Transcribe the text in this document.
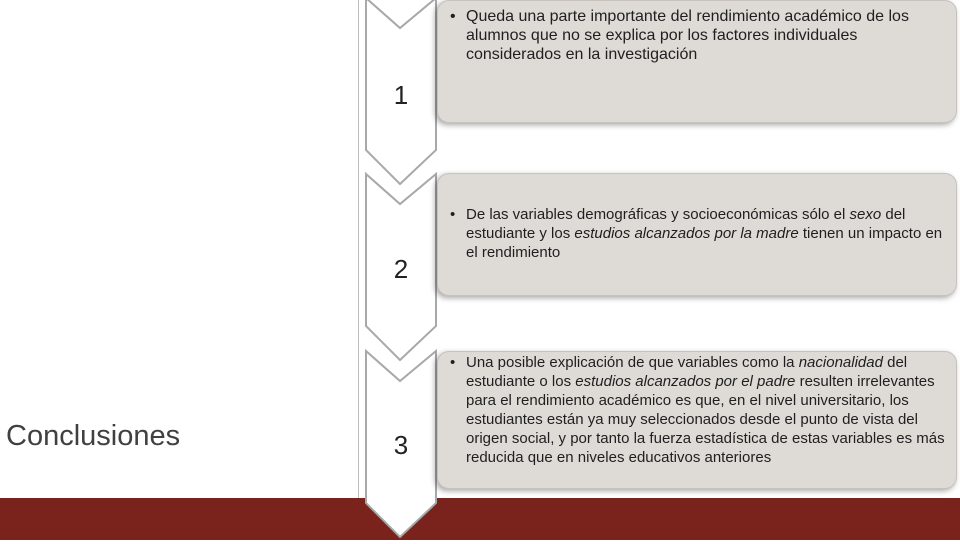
Conclusiones
1
• Queda una parte importante del rendimiento académico de los alumnos que no se explica por los factores individuales considerados en la investigación
2
• De las variables demográficas y socioeconómicas sólo el sexo del estudiante y los estudios alcanzados por la madre tienen un impacto en el rendimiento
3
• Una posible explicación de que variables como la nacionalidad del estudiante o los estudios alcanzados por el padre resulten irrelevantes para el rendimiento académico es que, en el nivel universitario, los estudiantes están ya muy seleccionados desde el punto de vista del origen social, y por tanto la fuerza estadística de estas variables es más reducida que en niveles educativos anteriores
